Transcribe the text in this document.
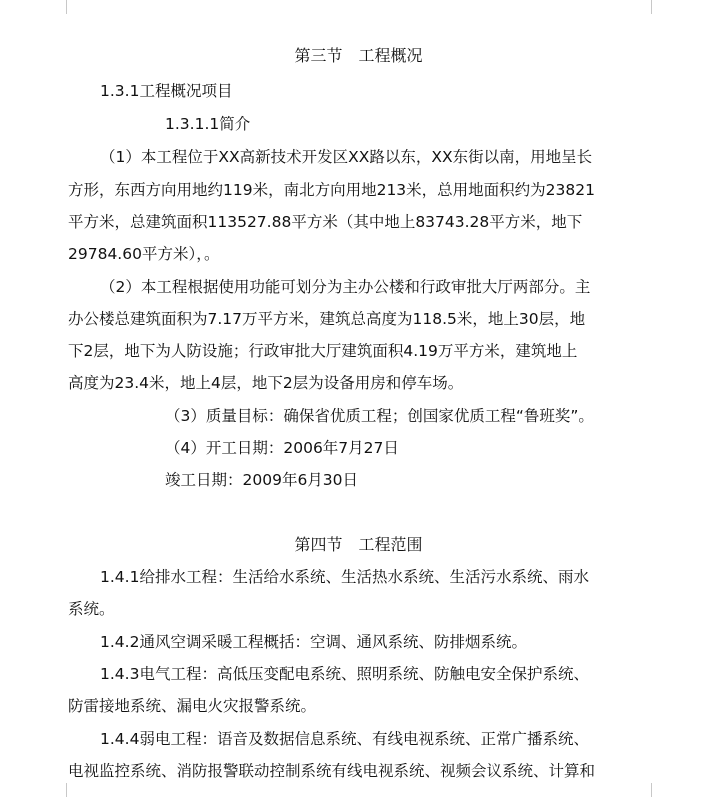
第三节　工程概况
1.3.1工程概况项目
1.3.1.1简介
（1）本工程位于XX高新技术开发区XX路以东，XX东街以南，用地呈长
方形，东西方向用地约119米，南北方向用地213米，总用地面积约为23821
平方米，总建筑面积113527.88平方米（其中地上83743.28平方米，地下
29784.60平方米），。
（2）本工程根据使用功能可划分为主办公楼和行政审批大厅两部分。主
办公楼总建筑面积为7.17万平方米，建筑总高度为118.5米，地上30层，地
下2层，地下为人防设施；行政审批大厅建筑面积4.19万平方米，建筑地上
高度为23.4米，地上4层，地下2层为设备用房和停车场。
（3）质量目标：确保省优质工程；创国家优质工程“鲁班奖”。
（4）开工日期：2006年7月27日
竣工日期：2009年6月30日
第四节　工程范围
1.4.1给排水工程：生活给水系统、生活热水系统、生活污水系统、雨水
系统。
1.4.2通风空调采暖工程概括：空调、通风系统、防排烟系统。
1.4.3电气工程：高低压变配电系统、照明系统、防触电安全保护系统、
防雷接地系统、漏电火灾报警系统。
1.4.4弱电工程：语音及数据信息系统、有线电视系统、正常广播系统、
电视监控系统、消防报警联动控制系统有线电视系统、视频会议系统、计算和
